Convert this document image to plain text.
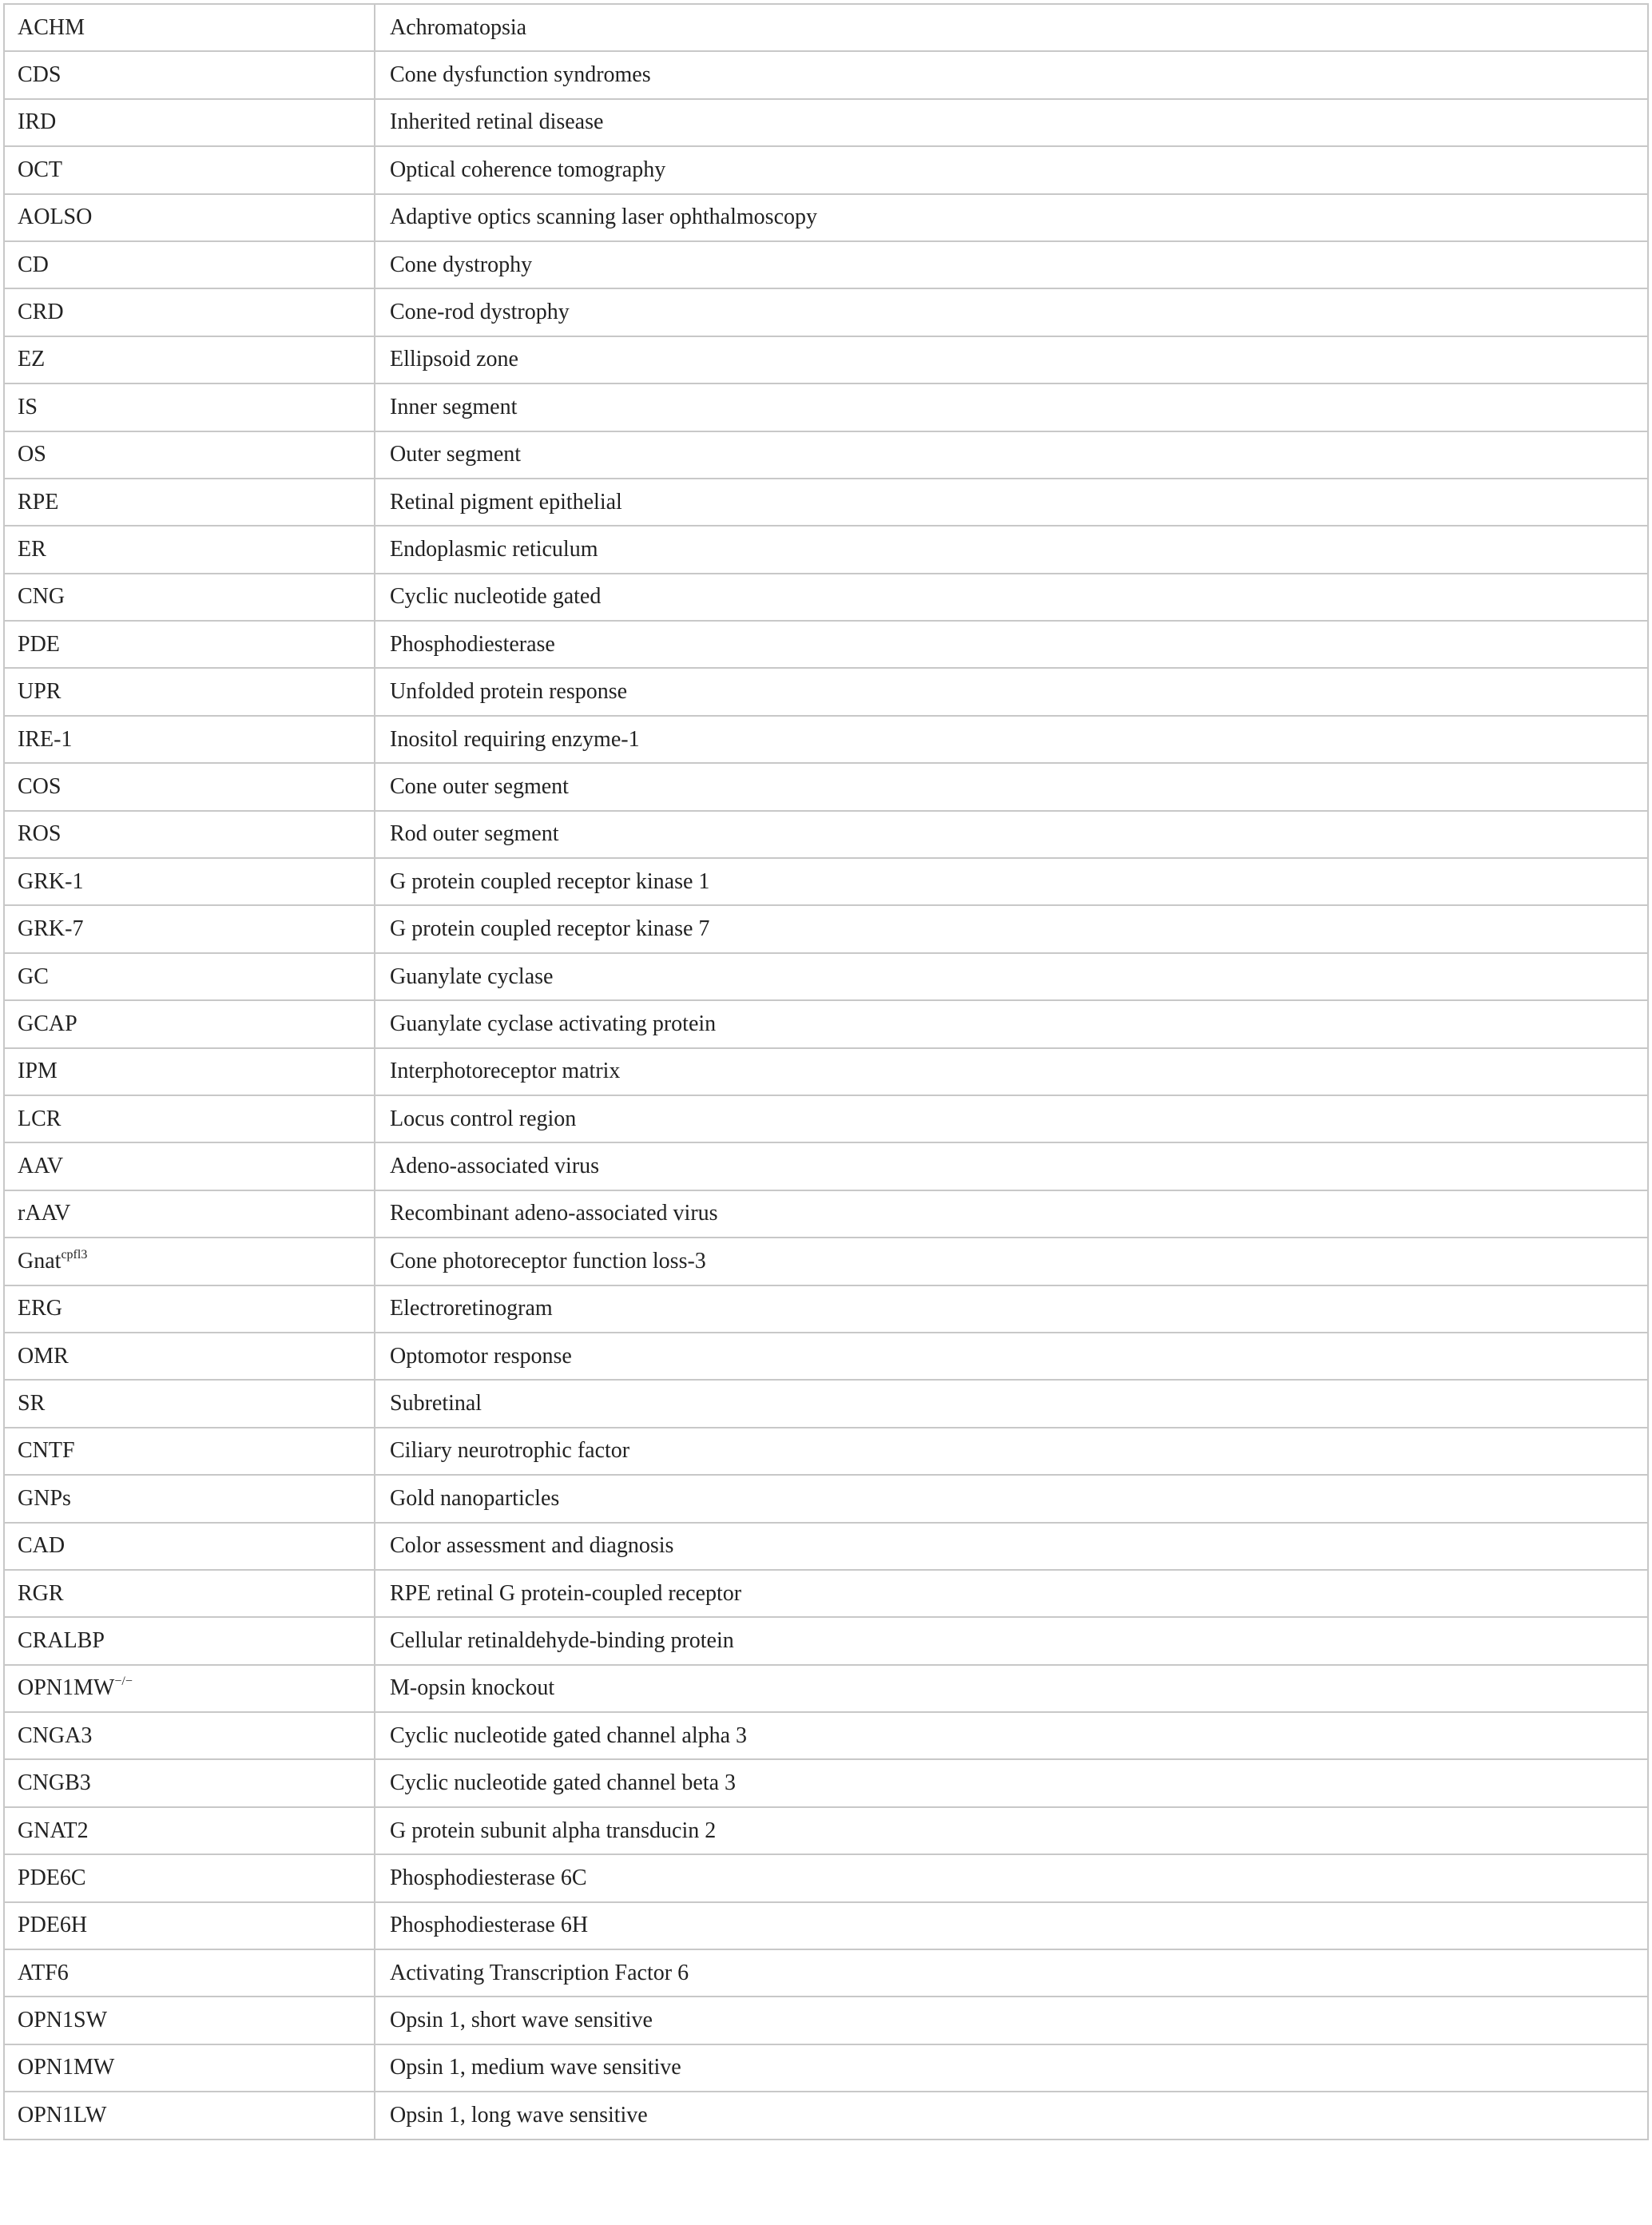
ACHM	Achromatopsia
CDS	Cone dysfunction syndromes
IRD	Inherited retinal disease
OCT	Optical coherence tomography
AOLSO	Adaptive optics scanning laser ophthalmoscopy
CD	Cone dystrophy
CRD	Cone-rod dystrophy
EZ	Ellipsoid zone
IS	Inner segment
OS	Outer segment
RPE	Retinal pigment epithelial
ER	Endoplasmic reticulum
CNG	Cyclic nucleotide gated
PDE	Phosphodiesterase
UPR	Unfolded protein response
IRE-1	Inositol requiring enzyme-1
COS	Cone outer segment
ROS	Rod outer segment
GRK-1	G protein coupled receptor kinase 1
GRK-7	G protein coupled receptor kinase 7
GC	Guanylate cyclase
GCAP	Guanylate cyclase activating protein
IPM	Interphotoreceptor matrix
LCR	Locus control region
AAV	Adeno-associated virus
rAAV	Recombinant adeno-associated virus
Gnat$^{cpfl3}$	Cone photoreceptor function loss-3
ERG	Electroretinogram
OMR	Optomotor response
SR	Subretinal
CNTF	Ciliary neurotrophic factor
GNPs	Gold nanoparticles
CAD	Color assessment and diagnosis
RGR	RPE retinal G protein-coupled receptor
CRALBP	Cellular retinaldehyde-binding protein
OPN1MW−/−	M-opsin knockout
CNGA3	Cyclic nucleotide gated channel alpha 3
CNGB3	Cyclic nucleotide gated channel beta 3
GNAT2	G protein subunit alpha transducin 2
PDE6C	Phosphodiesterase 6C
PDE6H	Phosphodiesterase 6H
ATF6	Activating Transcription Factor 6
OPN1SW	Opsin 1, short wave sensitive
OPN1MW	Opsin 1, medium wave sensitive
OPN1LW	Opsin 1, long wave sensitive
